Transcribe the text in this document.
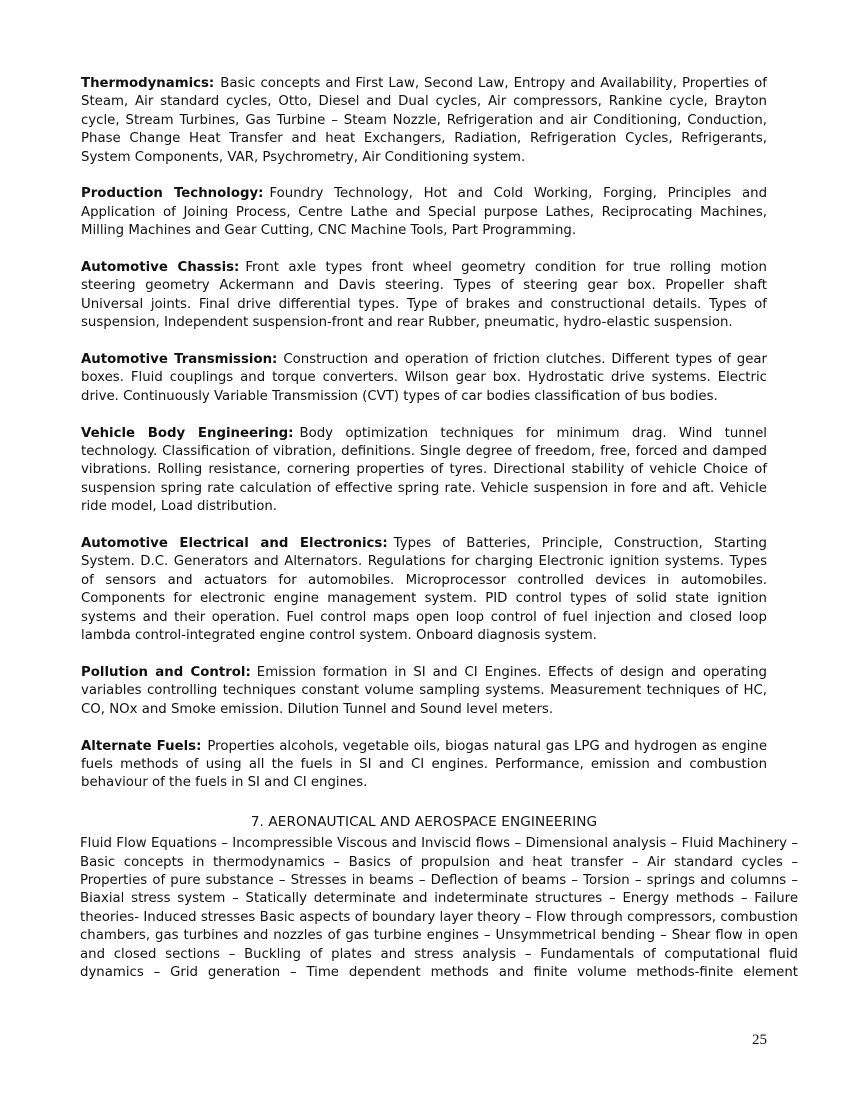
Thermodynamics: Basic concepts and First Law, Second Law, Entropy and Availability, Properties of Steam, Air standard cycles, Otto, Diesel and Dual cycles, Air compressors, Rankine cycle, Brayton cycle, Stream Turbines, Gas Turbine – Steam Nozzle, Refrigeration and air Conditioning, Conduction, Phase Change Heat Transfer and heat Exchangers, Radiation, Refrigeration Cycles, Refrigerants, System Components, VAR, Psychrometry, Air Conditioning system.

Production Technology: Foundry Technology, Hot and Cold Working, Forging, Principles and Application of Joining Process, Centre Lathe and Special purpose Lathes, Reciprocating Machines, Milling Machines and Gear Cutting, CNC Machine Tools, Part Programming.

Automotive Chassis: Front axle types front wheel geometry condition for true rolling motion steering geometry Ackermann and Davis steering. Types of steering gear box. Propeller shaft Universal joints. Final drive differential types. Type of brakes and constructional details. Types of suspension, Independent suspension-front and rear Rubber, pneumatic, hydro-elastic suspension.

Automotive Transmission: Construction and operation of friction clutches. Different types of gear boxes. Fluid couplings and torque converters. Wilson gear box. Hydrostatic drive systems. Electric drive. Continuously Variable Transmission (CVT) types of car bodies classification of bus bodies.

Vehicle Body Engineering: Body optimization techniques for minimum drag. Wind tunnel technology. Classification of vibration, definitions. Single degree of freedom, free, forced and damped vibrations. Rolling resistance, cornering properties of tyres. Directional stability of vehicle Choice of suspension spring rate calculation of effective spring rate. Vehicle suspension in fore and aft. Vehicle ride model, Load distribution.

Automotive Electrical and Electronics: Types of Batteries, Principle, Construction, Starting System. D.C. Generators and Alternators. Regulations for charging Electronic ignition systems. Types of sensors and actuators for automobiles. Microprocessor controlled devices in automobiles. Components for electronic engine management system. PID control types of solid state ignition systems and their operation. Fuel control maps open loop control of fuel injection and closed loop lambda control-integrated engine control system. Onboard diagnosis system.

Pollution and Control: Emission formation in SI and CI Engines. Effects of design and operating variables controlling techniques constant volume sampling systems. Measurement techniques of HC, CO, NOx and Smoke emission. Dilution Tunnel and Sound level meters.

Alternate Fuels: Properties alcohols, vegetable oils, biogas natural gas LPG and hydrogen as engine fuels methods of using all the fuels in SI and CI engines. Performance, emission and combustion behaviour of the fuels in SI and CI engines.

7. AERONAUTICAL AND AEROSPACE ENGINEERING
Fluid Flow Equations – Incompressible Viscous and Inviscid flows – Dimensional analysis – Fluid Machinery – Basic concepts in thermodynamics – Basics of propulsion and heat transfer – Air standard cycles – Properties of pure substance – Stresses in beams – Deflection of beams – Torsion – springs and columns – Biaxial stress system – Statically determinate and indeterminate structures – Energy methods – Failure theories- Induced stresses Basic aspects of boundary layer theory – Flow through compressors, combustion chambers, gas turbines and nozzles of gas turbine engines – Unsymmetrical bending – Shear flow in open and closed sections – Buckling of plates and stress analysis – Fundamentals of computational fluid dynamics – Grid generation – Time dependent methods and finite volume methods-finite element
25
